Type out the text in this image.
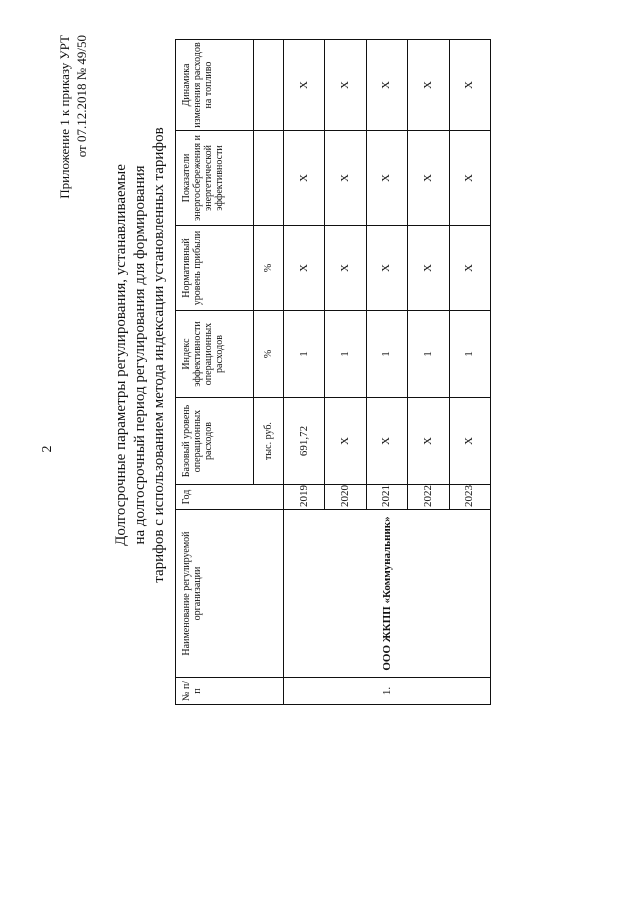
Приложение 1 к приказу УРТ от 07.12.2018 № 49/50
2	Долгосрочные параметры регулирования, устанавливаемые на долгосрочный период регулирования для формирования тарифов с использованием метода индексации установленных тарифов
№ п/п	Наименование регулируемой организации	Год	Базовый уровень операционных расходов	Индекс эффективности операционных расходов	Нормативный уровень прибыли	Показатели энергосбережения и энергетической эффективности	Динамика изменения расходов на топливо
			тыс. руб.	%	%		
1.	ООО ЖКПП «Коммунальник»	2019	691,72	1	X	X	X
		2020	X	1	X	X	X
		2021	X	1	X	X	X
		2022	X	1	X	X	X
		2023	X	1	X	X	X
